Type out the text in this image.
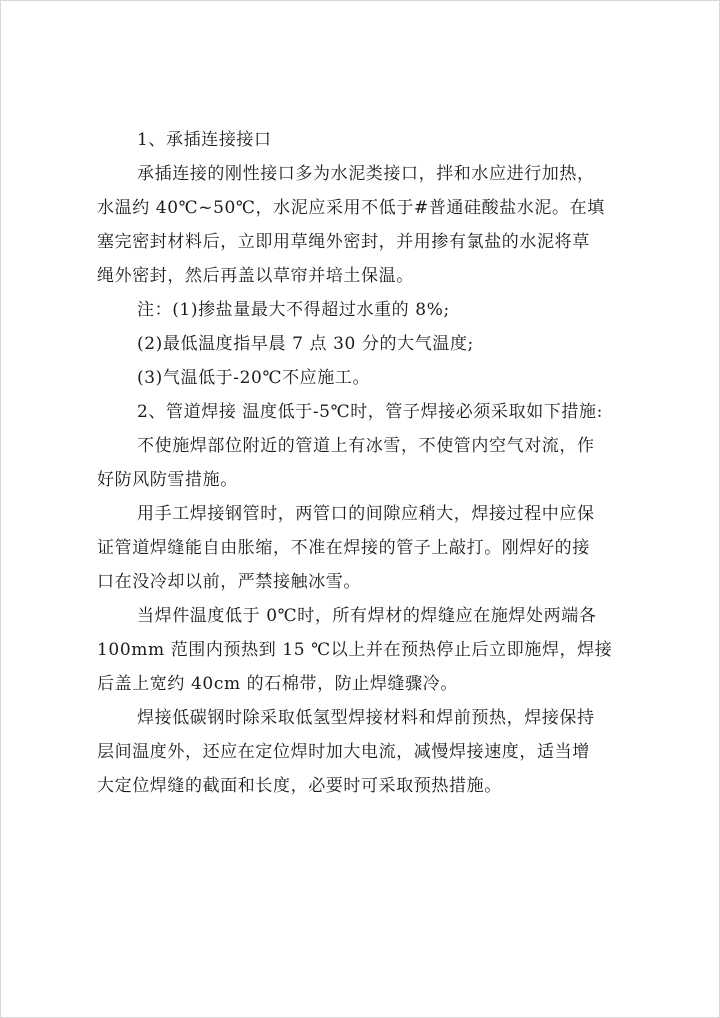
1、承插连接接口
承插连接的刚性接口多为水泥类接口，拌和水应进行加热，
水温约 40℃~50℃，水泥应采用不低于#普通硅酸盐水泥。在填
塞完密封材料后，立即用草绳外密封，并用掺有氯盐的水泥将草
绳外密封，然后再盖以草帘并培土保温。
注：(1)掺盐量最大不得超过水重的 8%;
(2)最低温度指早晨 7 点 30 分的大气温度;
(3)气温低于-20℃不应施工。
2、管道焊接 温度低于-5℃时，管子焊接必须采取如下措施:
不使施焊部位附近的管道上有冰雪，不使管内空气对流，作
好防风防雪措施。
用手工焊接钢管时，两管口的间隙应稍大，焊接过程中应保
证管道焊缝能自由胀缩，不准在焊接的管子上敲打。刚焊好的接
口在没冷却以前，严禁接触冰雪。
当焊件温度低于 0℃时，所有焊材的焊缝应在施焊处两端各
100mm 范围内预热到 15 ℃以上并在预热停止后立即施焊，焊接
后盖上宽约 40cm 的石棉带，防止焊缝骤冷。
焊接低碳钢时除采取低氢型焊接材料和焊前预热，焊接保持
层间温度外，还应在定位焊时加大电流，减慢焊接速度，适当增
大定位焊缝的截面和长度，必要时可采取预热措施。
